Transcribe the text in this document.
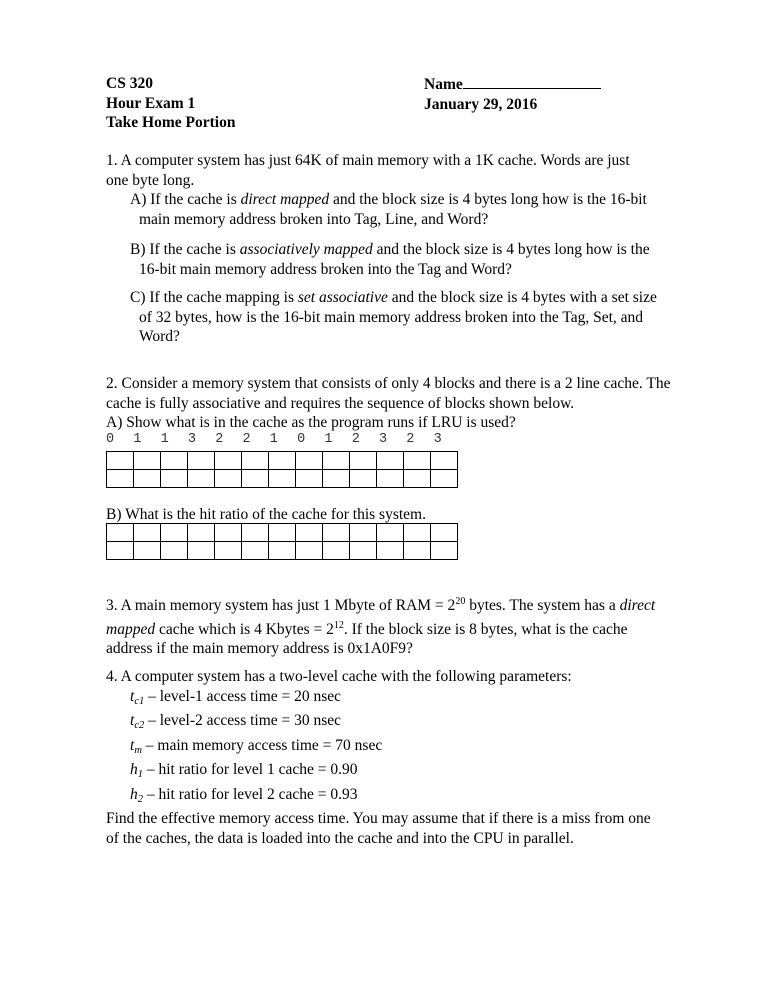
CS 320
Hour Exam 1
Take Home Portion
Name
January 29, 2016
1. A computer system has just 64K of main memory with a 1K cache. Words are just
one byte long.
A) If the cache is direct mapped and the block size is 4 bytes long how is the 16-bit
main memory address broken into Tag, Line, and Word?
B) If the cache is associatively mapped and the block size is 4 bytes long how is the
16-bit main memory address broken into the Tag and Word?
C) If the cache mapping is set associative and the block size is 4 bytes with a set size
of 32 bytes, how is the 16-bit main memory address broken into the Tag, Set, and
Word?
2. Consider a memory system that consists of only 4 blocks and there is a 2 line cache. The
cache is fully associative and requires the sequence of blocks shown below.
A) Show what is in the cache as the program runs if LRU is used?
0	1	1	3	2	2	1	0	1	2	3	2	3

B) What is the hit ratio of the cache for this system.

3. A main memory system has just 1 Mbyte of RAM = $2^{20}$ bytes. The system has a direct
mapped cache which is 4 Kbytes = $2^{12}$. If the block size is 8 bytes, what is the cache
address if the main memory address is 0x1A0F9?
4. A computer system has a two-level cache with the following parameters:
$t_{c1}$ – level-1 access time = 20 nsec
$t_{c2}$ – level-2 access time = 30 nsec
$t_m$ – main memory access time = 70 nsec
$h_1$ – hit ratio for level 1 cache = 0.90
$h_2$ – hit ratio for level 2 cache = 0.93
Find the effective memory access time. You may assume that if there is a miss from one
of the caches, the data is loaded into the cache and into the CPU in parallel.
